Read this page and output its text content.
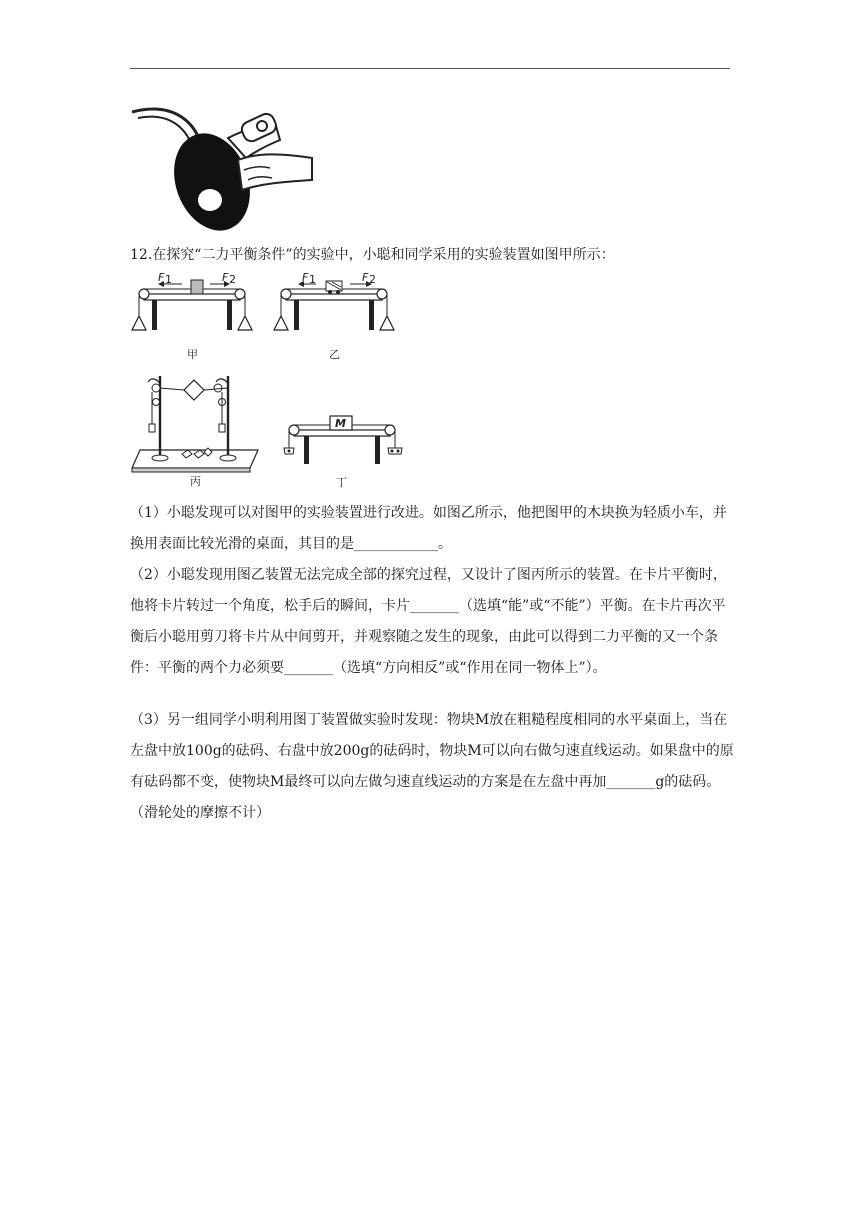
12.在探究“二力平衡条件”的实验中，小聪和同学采用的实验装置如图甲所示：
F 1	F 2
甲
F 1	F 2
乙
丙
M
丁
（1）小聪发现可以对图甲的实验装置进行改进。如图乙所示，他把图甲的木块换为轻质小车，并换用表面比较光滑的桌面，其目的是____________。
（2）小聪发现用图乙装置无法完成全部的探究过程，又设计了图丙所示的装置。在卡片平衡时，他将卡片转过一个角度，松手后的瞬间，卡片_______（选填“能”或“不能”）平衡。在卡片再次平衡后小聪用剪刀将卡片从中间剪开，并观察随之发生的现象，由此可以得到二力平衡的又一个条件：平衡的两个力必须要_______（选填“方向相反”或“作用在同一物体上”）。
（3）另一组同学小明利用图丁装置做实验时发现：物块M放在粗糙程度相同的水平桌面上，当在左盘中放100g的砝码、右盘中放200g的砝码时，物块M可以向右做匀速直线运动。如果盘中的原有砝码都不变，使物块M最终可以向左做匀速直线运动的方案是在左盘中再加_______g的砝码。（滑轮处的摩擦不计）
